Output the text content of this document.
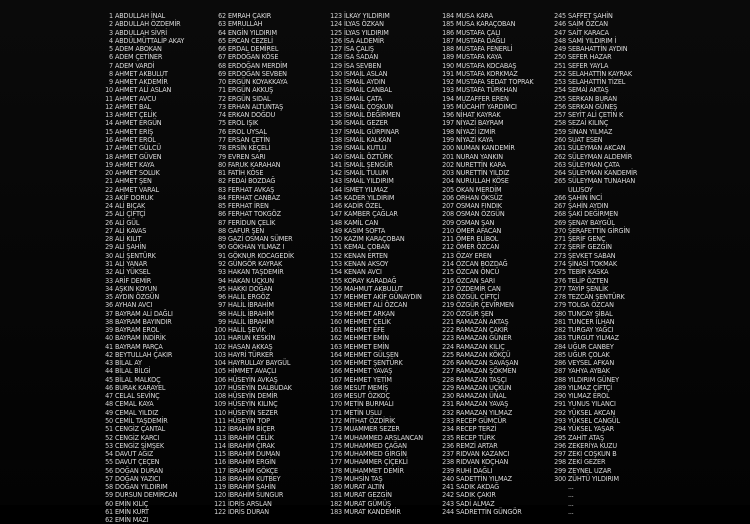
1 ABDULLAH İNAL
2 ABDULLAH ÖZDEMİR
3 ABDULLAH SİVRİ
4 ABDÜLMÜTTALİP AKAY
5 ADEM ABOKAN
6 ADEM ÇETİNER
7 ADEM VARDİ
8 AHMET AKBULUT
9 AHMET AKDEMİR
10 AHMET ALİ ASLAN
11 AHMET AVCU
12 AHMET BAL
13 AHMET ÇELİK
14 AHMET ERGÜN
15 AHMET ERİŞ
16 AHMET EROL
17 AHMET GÜLCÜ
18 AHMET GÜVEN
19 AHMET KAYA
20 AHMET SOLUK
21 AHMET ŞEN
22 AHMET VARAL
23 AKİF DORUK
24 ALİ BIÇAK
25 ALİ ÇİFTÇİ
26 ALİ GÜL
27 ALİ KAVAS
28 ALİ KILIT
29 ALİ ŞAHİN
30 ALİ ŞENTÜRK
31 ALİ YANAR
32 ALİ YÜKSEL
33 ARİF DEMİR
34 AŞKIN KOYUN
35 AYDIN ÖZGÜN
36 AYHAN AVCI
37 BAYRAM ALİ DAĞLI
38 BAYRAM BAYINDIR
39 BAYRAM EROL
40 BAYRAM İNDİRİK
41 BAYRAM PARÇA
42 BEYTULLAH ÇAKIR
43 BİLAL AY
44 BİLAL BİLGİ
45 BİLAL MALKOÇ
46 BURAK KARAYEL
47 CELAL SEVİNÇ
48 CEMAL KAYA
49 CEMAL YILDIZ
50 CEMİL TAŞDEMİR
51 CENGİZ ÇANTAL
52 CENGİZ KARCI
53 CENGİZ ŞİMŞEK
54 DAVUT AĞIZ
55 DAVUT ÇEÇEN
56 DOĞAN DURAN
57 DOĞAN YAZICI
58 DOĞAN YILDIRIM
59 DURSUN DEMİRCAN
60 EMİN KILIÇ
61 EMİN KURT
62 EMİN MAZI
62 EMRAH ÇAKIR
63 EMRULLAH
64 ENGİN YILDIRIM
65 ERCAN CEZELİ
66 ERDAL DEMİREL
67 ERDOĞAN KÖSE
68 ERDOĞAN MERDİM
69 ERDOĞAN SEVBEN
70 ERGÜN KOYAKKAYA
71 ERGÜN AKKUŞ
72 ERGÜN SIDAL
73 ERHAN ALTUNTAŞ
74 ERKAN DOĞDU
75 EROL IŞIK
76 EROL UYSAL
77 ERSAN ÇETİN
78 ERSİN KEÇELİ
79 EVREN SARI
80 FARUK KARAHAN
81 FATİH KÖSE
82 FEDAİ BOZDAĞ
83 FERHAT AVKAŞ
84 FERHAT CANBAZ
85 FERHAT İREN
86 FERHAT TOKGÖZ
87 FERİDUN ÇELİK
88 GAFUR ŞEN
89 GAZİ OSMAN SÜMER
90 GÖKHAN YILMAZ I
91 GÖKNUR KOCAGEDİK
92 GÜNGÖR KAYRAK
93 HAKAN TAŞDEMİR
94 HAKAN UÇKUN
95 HAKKI DOĞAN
96 HALİL ERGÖZ
97 HALİL İBRAHİM
98 HALİL İBRAHİM
99 HALİL İBRAHİM
100 HALİL ŞEVİK
101 HARUN KESKİN
102 HASAN AKKAŞ
103 HAYRİ TÜRKER
104 HAYRULLAY BAYGÜL
105 HİMMET AVAÇLI
106 HÜSEYİN AVKAŞ
107 HÜSEYİN DALBUDAK
108 HÜSEYİN DEMİR
109 HÜSEYİN KILINÇ
110 HÜSEYİN SEZER
111 HÜSEYİN TOP
112 İBRAHİM BİÇER
113 İBRAHİM ÇELİK
114 İBRAHİM ÇIRAK
115 İBRAHİM DUMAN
116 İBRAHİM ERGİN
117 İBRAHİM GÖKÇE
118 İBRAHİM KUTBEY
119 İBRAHİM ŞAHİN
120 İBRAHİM SUNGUR
121 İDRİS ARSLAN
122 İDRİS DURAN
123 İLKAY YILDIRIM
124 İLYAS ÖZKAN
125 İLYAS YILDIRIM
126 İSA ALDEMİR
127 İSA ÇALIŞ
128 İSA SADAN
129 İSA SEVBEN
130 İSMAİL ASLAN
131 İSMAİL AYDIN
132 İSMAİL CANBAL
133 İSMAİL ÇATA
134 İSMAİL ÇOŞKUN
135 İSMAİL DEĞİRMEN
136 İSMAİL GEZER
137 İSMAİL GÜRPINAR
138 İSMAİL KALKAN
139 İSMAİL KUTLU
140 İSMAİL ÖZTÜRK
141 İSMAİL ŞENGÜR
142 İSMAİL TULUM
143 İSMAİL YILDIRIM
144 İSMET YILMAZ
145 KADER YILDIRIM
146 KADİR ÖZEL
147 KAMBER ÇAĞLAR
148 KAMİL CAN
149 KASIM SOFTA
150 KAZIM KARAÇOBAN
151 KEMAL ÇOBAN
152 KENAN ERTEN
153 KENAN AKSOY
154 KENAN AVCI
155 KORAY KARADAĞ
156 MAHMUT AKBULUT
157 MEHMET AKİF GÜNAYDIN
158 MEHMET ALİ ÖZCAN
159 MEHMET ARKAN
160 MEHMET ÇELİK
161 MEHMET EFE
162 MEHMET EMİN
163 MEHMET EMİN
164 MEHMET GÜLŞEN
165 MEHMET ŞENTÜRK
166 MEHMET YAVAŞ
167 MEHMET YETİM
168 MESUT MEMİŞ
169 MESUT ÖZKOÇ
170 METİN BURMALI
171 METİN USLU
172 MİTHAT ÖZDİRİK
173 MUAMMER SEZER
174 MUHAMMED ARSLANCAN
175 MUHAMMED ÇAĞAN
176 MUHAMMED GİRGİN
177 MUHAMMER ÇİÇEKLİ
178 MUHAMMET DEMİR
179 MUHSİN TAŞ
180 MURAT ALTIN
181 MURAT GEZGİN
182 MURAT GÜMÜŞ
183 MURAT KANDEMİR
184 MUSA KARA
185 MUSA KARAÇOBAN
186 MUSTAFA ÇALI
187 MUSTAFA DAĞLI
188 MUSTAFA FENERLİ
189 MUSTAFA KAYA
190 MUSTAFA KOCABAŞ
191 MUSTAFA KORKMAZ
192 MUSTAFA SEDAT TOPRAK
193 MUSTAFA TÜRKHAN
194 MUZAFFER EREN
195 MÜCAHİT YARDIMCI
196 NİHAT KAYRAK
197 NİYAZİ BAYRAM
198 NİYAZİ İZMİR
199 NİYAZİ KAYA
200 NUMAN KANDEMİR
201 NURAN YANKIN
202 NURETTİN KARA
203 NURETTİN YILDIZ
204 NURULLAH KÖSE
205 OKAN MERDİM
206 ORHAN ÖKSÜZ
207 OSMAN FINDIK
208 OSMAN ÖZGÜN
209 OSMAN ŞAN
210 ÖMER AFACAN
211 ÖMER ELİBOL
212 ÖMER ÖZCAN
213 ÖZAY EREN
214 ÖZCAN BOZDAĞ
215 ÖZCAN ÖNCÜ
216 ÖZCAN SARI
217 ÖZDEMİR CAN
218 ÖZGÜL ÇİFTÇİ
219 ÖZGÜR ÇEVİRMEN
220 ÖZGÜR ŞEN
221 RAMAZAN AKTAŞ
222 RAMAZAN ÇAKIR
223 RAMAZAN GÜNER
224 RAMAZAN KILIÇ
225 RAMAZAN KÖKÇÜ
226 RAMAZAN SAVAŞAN
227 RAMAZAN ŞÖKMEN
228 RAMAZAN TAŞÇI
229 RAMAZAN UÇKUN
230 RAMAZAN ÜNAL
231 RAMAZAN YAVAŞ
232 RAMAZAN YILMAZ
233 RECEP GÜMCÜR
234 RECEP TERZİ
235 RECEP TÜRK
236 REMZİ ARTAR
237 RIDVAN KAZANCI
238 RIDVAN KOÇHAN
239 RUHİ DAĞLI
240 SADETTİN YILMAZ
241 SADIK AKDAĞ
242 SADIK ÇAKIR
243 SADİ ALMAZ
244 SADRETTİN GÜNGÖR
245 SAFFET ŞAHİN
246 SAİM ÖZCAN
247 SAİT KARACA
248 SAMİ YILDIRIM İ
249 SEBAHATTİN AYDIN
250 SEFER HAZAR
251 SEFER YAYLA
252 SELAHATTİN KAYRAK
253 SELAHATTİN TİZEL
254 SEMAİ AKTAŞ
255 SERKAN BURAN
256 SERKAN GÜNEŞ
257 SEYİT ALİ ÇETİN K
258 SEZAİ KILINÇ
259 SİNAN YILMAZ
260 SUAT ESEN
261 SÜLEYMAN AKCAN
262 SÜLEYMAN ALDEMİR
263 SÜLEYMAN ÇATA
264 SÜLEYMAN KANDEMİR
265 SÜLEYMAN TUNAHAN
ULUSOY
266 ŞAHİN İNCİ
267 ŞAHİN AYDIN
268 ŞAKİ DEĞİRMEN
269 ŞENAY BAYGÜL
270 ŞERAFETTİN GİRGİN
271 ŞERİF GENÇ
272 ŞERİF GEZGİN
273 ŞEVKET SABAN
274 ŞİNASİ TOKMAK
275 TEBİR KASKA
276 TELİP ÖZTEN
277 TAYİP ŞENLİK
278 TEZCAN ŞENTÜRK
279 TOLGA ÖZCAN
280 TUNCAY ŞİBAL
281 TUNCER İLHAN
282 TURGAY YAĞCI
283 TURGUT YILMAZ
284 UĞUR CANBEY
285 UĞUR ÇOLAK
286 VEYSEL AFKAN
287 YAHYA AYBAK
288 YILDIRIM GÜNEY
289 YILMAZ ÇİFTÇİ
290 YILMAZ EROL
291 YUNUS YILANCI
292 YÜKSEL AKCAN
293 YÜKSEL CANGÜL
294 YÜKSEL YAŞAR
295 ZAHİT ATAŞ
296 ZEKERİYA KUZU
297 ZEKİ COŞKUN B
298 ZEKİ GEZER
299 ZEYNEL UZAR
300 ZÜHTÜ YILDIRIM
...
...
...
...
